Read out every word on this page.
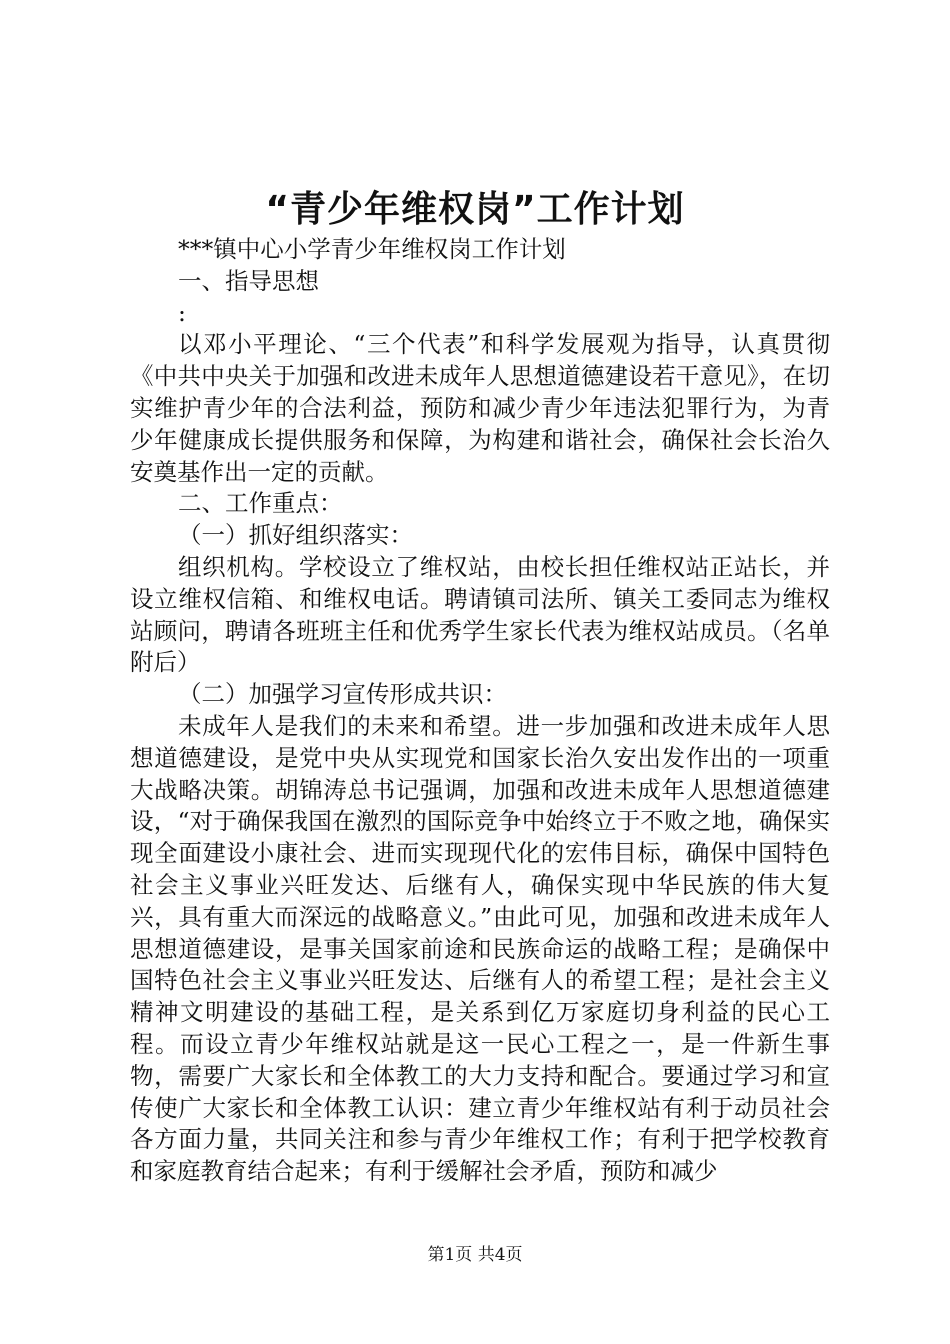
“青少年维权岗”工作计划

***镇中心小学青少年维权岗工作计划

一、指导思想

:

以邓小平理论、“三个代表”和科学发展观为指导，认真贯彻《中共中央关于加强和改进未成年人思想道德建设若干意见》，在切实维护青少年的合法利益，预防和减少青少年违法犯罪行为，为青少年健康成长提供服务和保障，为构建和谐社会，确保社会长治久安奠基作出一定的贡献。

二、工作重点：

（一）抓好组织落实：

组织机构。学校设立了维权站，由校长担任维权站正站长，并设立维权信箱、和维权电话。聘请镇司法所、镇关工委同志为维权站顾问，聘请各班班主任和优秀学生家长代表为维权站成员。（名单附后）

（二）加强学习宣传形成共识：

未成年人是我们的未来和希望。进一步加强和改进未成年人思想道德建设，是党中央从实现党和国家长治久安出发作出的一项重大战略决策。胡锦涛总书记强调，加强和改进未成年人思想道德建设，“对于确保我国在激烈的国际竞争中始终立于不败之地，确保实现全面建设小康社会、进而实现现代化的宏伟目标，确保中国特色社会主义事业兴旺发达、后继有人，确保实现中华民族的伟大复兴，具有重大而深远的战略意义。”由此可见，加强和改进未成年人思想道德建设，是事关国家前途和民族命运的战略工程；是确保中国特色社会主义事业兴旺发达、后继有人的希望工程；是社会主义精神文明建设的基础工程，是关系到亿万家庭切身利益的民心工程。而设立青少年维权站就是这一民心工程之一，是一件新生事物，需要广大家长和全体教工的大力支持和配合。要通过学习和宣传使广大家长和全体教工认识：建立青少年维权站有利于动员社会各方面力量，共同关注和参与青少年维权工作；有利于把学校教育和家庭教育结合起来；有利于缓解社会矛盾，预防和减少

第1页 共4页
